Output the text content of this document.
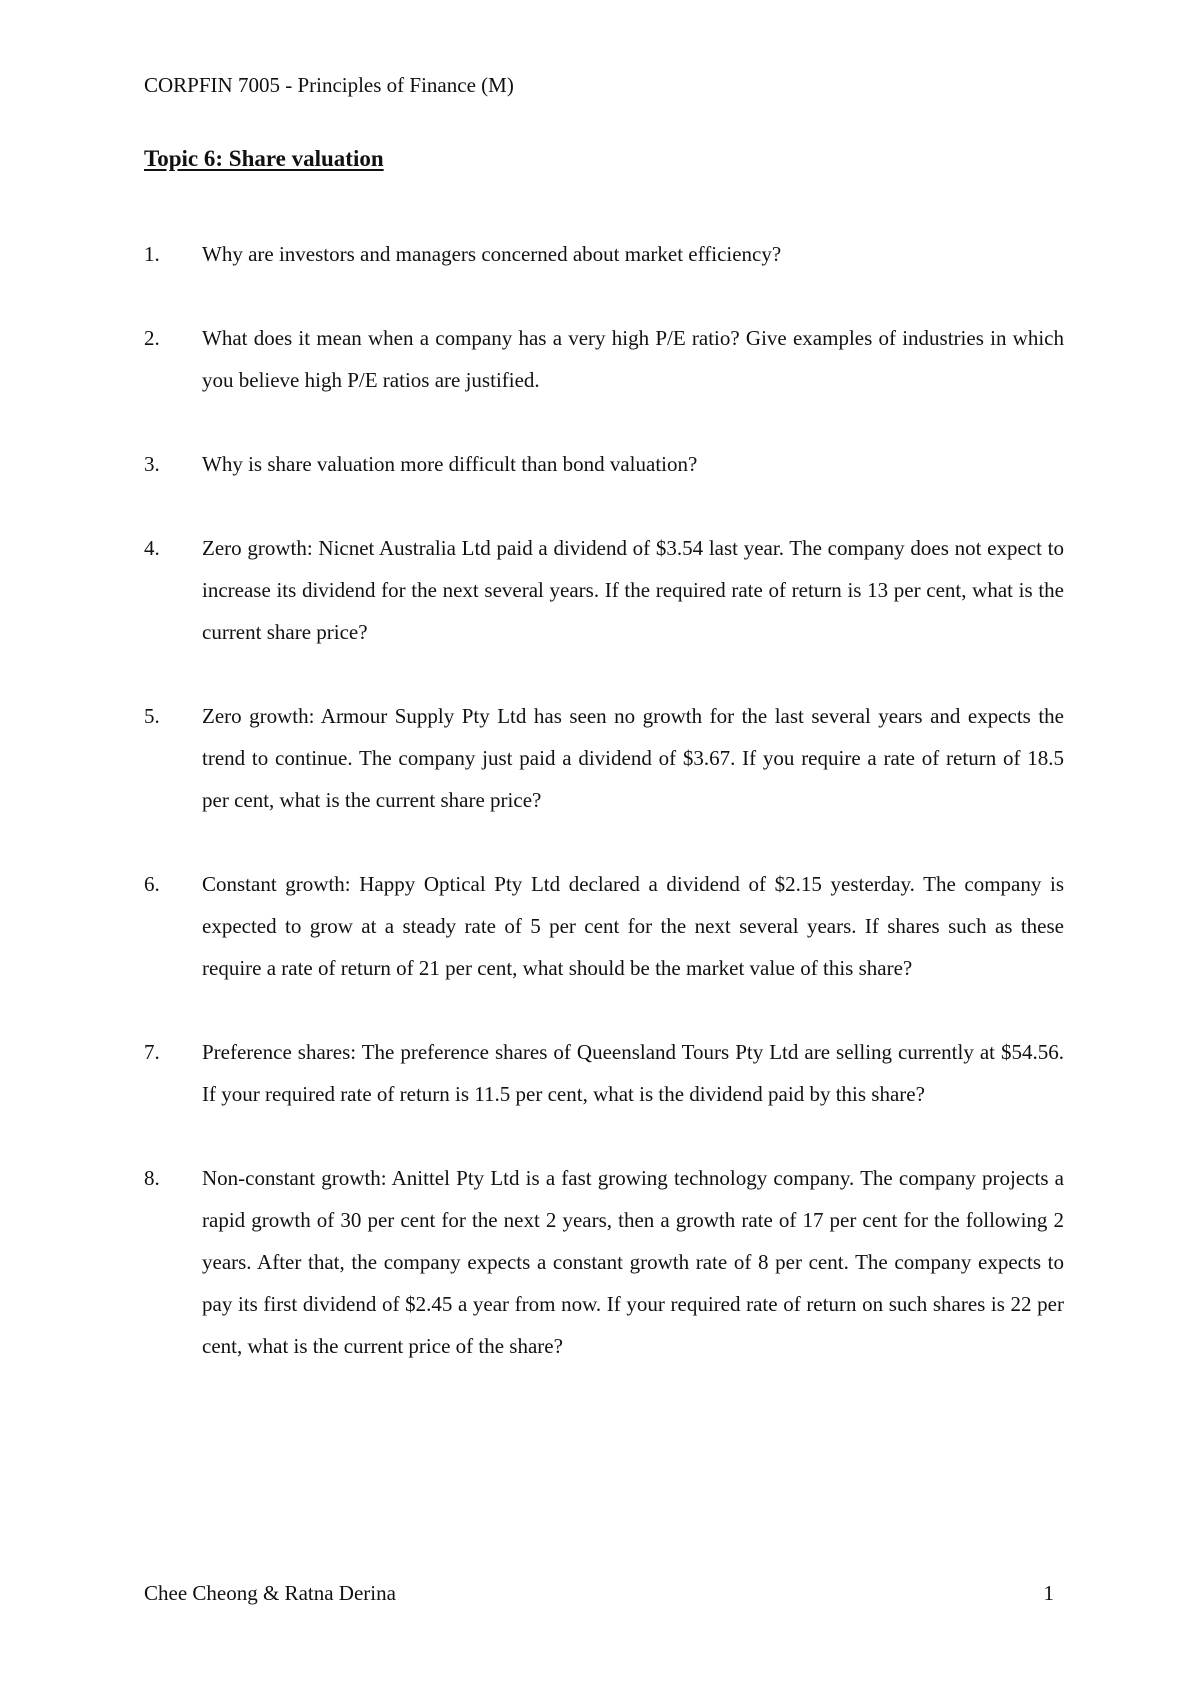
CORPFIN 7005 - Principles of Finance (M)
Topic 6: Share valuation
1.	Why are investors and managers concerned about market efficiency?
2.	What does it mean when a company has a very high P/E ratio? Give examples of industries in which you believe high P/E ratios are justified.
3.	Why is share valuation more difficult than bond valuation?
4.	Zero growth: Nicnet Australia Ltd paid a dividend of $3.54 last year. The company does not expect to increase its dividend for the next several years. If the required rate of return is 13 per cent, what is the current share price?
5.	Zero growth: Armour Supply Pty Ltd has seen no growth for the last several years and expects the trend to continue. The company just paid a dividend of $3.67. If you require a rate of return of 18.5 per cent, what is the current share price?
6.	Constant growth: Happy Optical Pty Ltd declared a dividend of $2.15 yesterday. The company is expected to grow at a steady rate of 5 per cent for the next several years. If shares such as these require a rate of return of 21 per cent, what should be the market value of this share?
7.	Preference shares: The preference shares of Queensland Tours Pty Ltd are selling currently at $54.56. If your required rate of return is 11.5 per cent, what is the dividend paid by this share?
8.	Non-constant growth: Anittel Pty Ltd is a fast growing technology company. The company projects a rapid growth of 30 per cent for the next 2 years, then a growth rate of 17 per cent for the following 2 years. After that, the company expects a constant growth rate of 8 per cent. The company expects to pay its first dividend of $2.45 a year from now. If your required rate of return on such shares is 22 per cent, what is the current price of the share?
Chee Cheong & Ratna Derina	1
